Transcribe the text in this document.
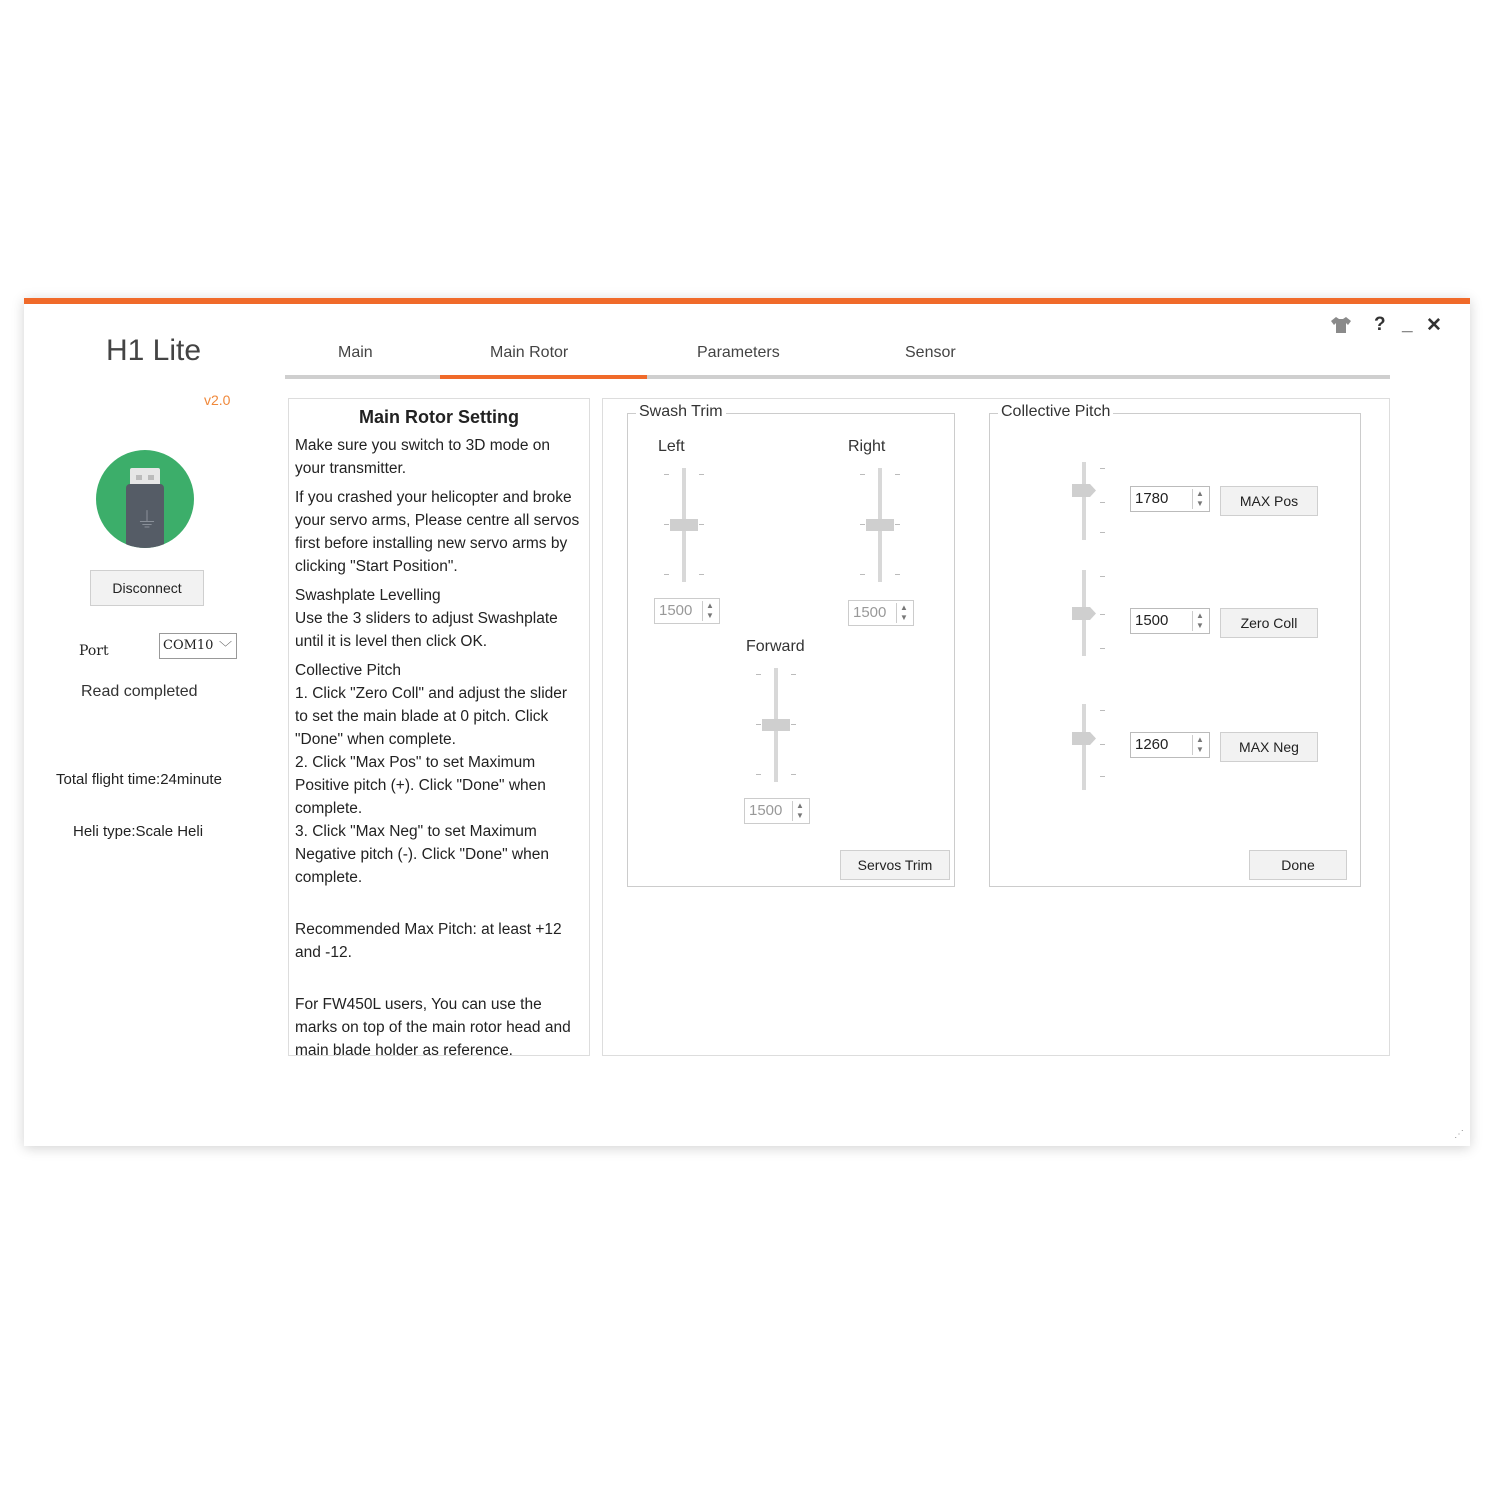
H1 Lite
v2.0
⏚
Disconnect
Port	COM10 ﹀
Read completed
Total flight time:24minute
Heli type:Scale Heli
? _ ✕
Main	Main Rotor	Parameters	Sensor
Main Rotor Setting

Make sure you switch to 3D mode on your transmitter.

If you crashed your helicopter and broke your servo arms, Please centre all servos first before installing new servo arms by clicking "Start Position".

Swashplate Levelling
Use the 3 sliders to adjust Swashplate until it is level then click OK.

Collective Pitch
1. Click "Zero Coll" and adjust the slider to set the main blade at 0 pitch. Click "Done" when complete.
2. Click "Max Pos" to set Maximum Positive pitch (+). Click "Done" when complete.
3. Click "Max Neg" to set Maximum Negative pitch (-). Click "Done" when complete.

Recommended Max Pitch: at least +12 and -12.

For FW450L users, You can use the marks on top of the main rotor head and main blade holder as reference.

Swash Trim
Left
1500	▲
▼
Right
1500	▲
▼
Forward
1500	▲
▼
Servos Trim
Collective Pitch
1780	▲
▼	MAX Pos
1500	▲
▼	Zero Coll
1260	▲
▼	MAX Neg
Done
⋰
